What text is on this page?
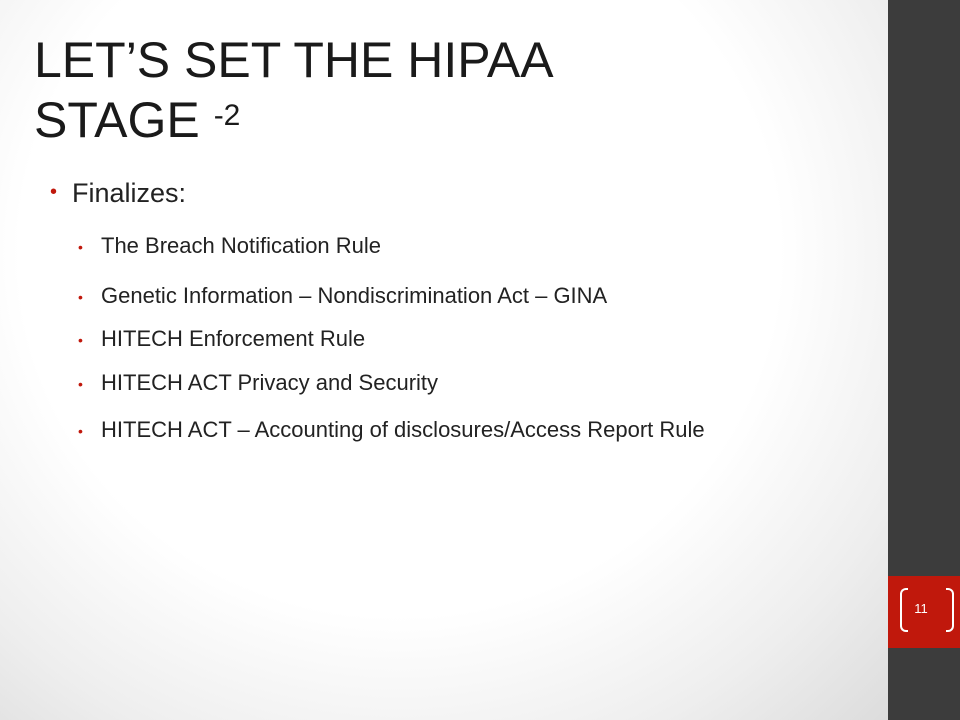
LET’S SET THE HIPAA
STAGE $^{-2}$
• Finalizes:
• The Breach Notification Rule
• Genetic Information – Nondiscrimination Act – GINA
• HITECH Enforcement Rule
• HITECH ACT Privacy and Security
• HITECH ACT – Accounting of disclosures/Access Report Rule
11
